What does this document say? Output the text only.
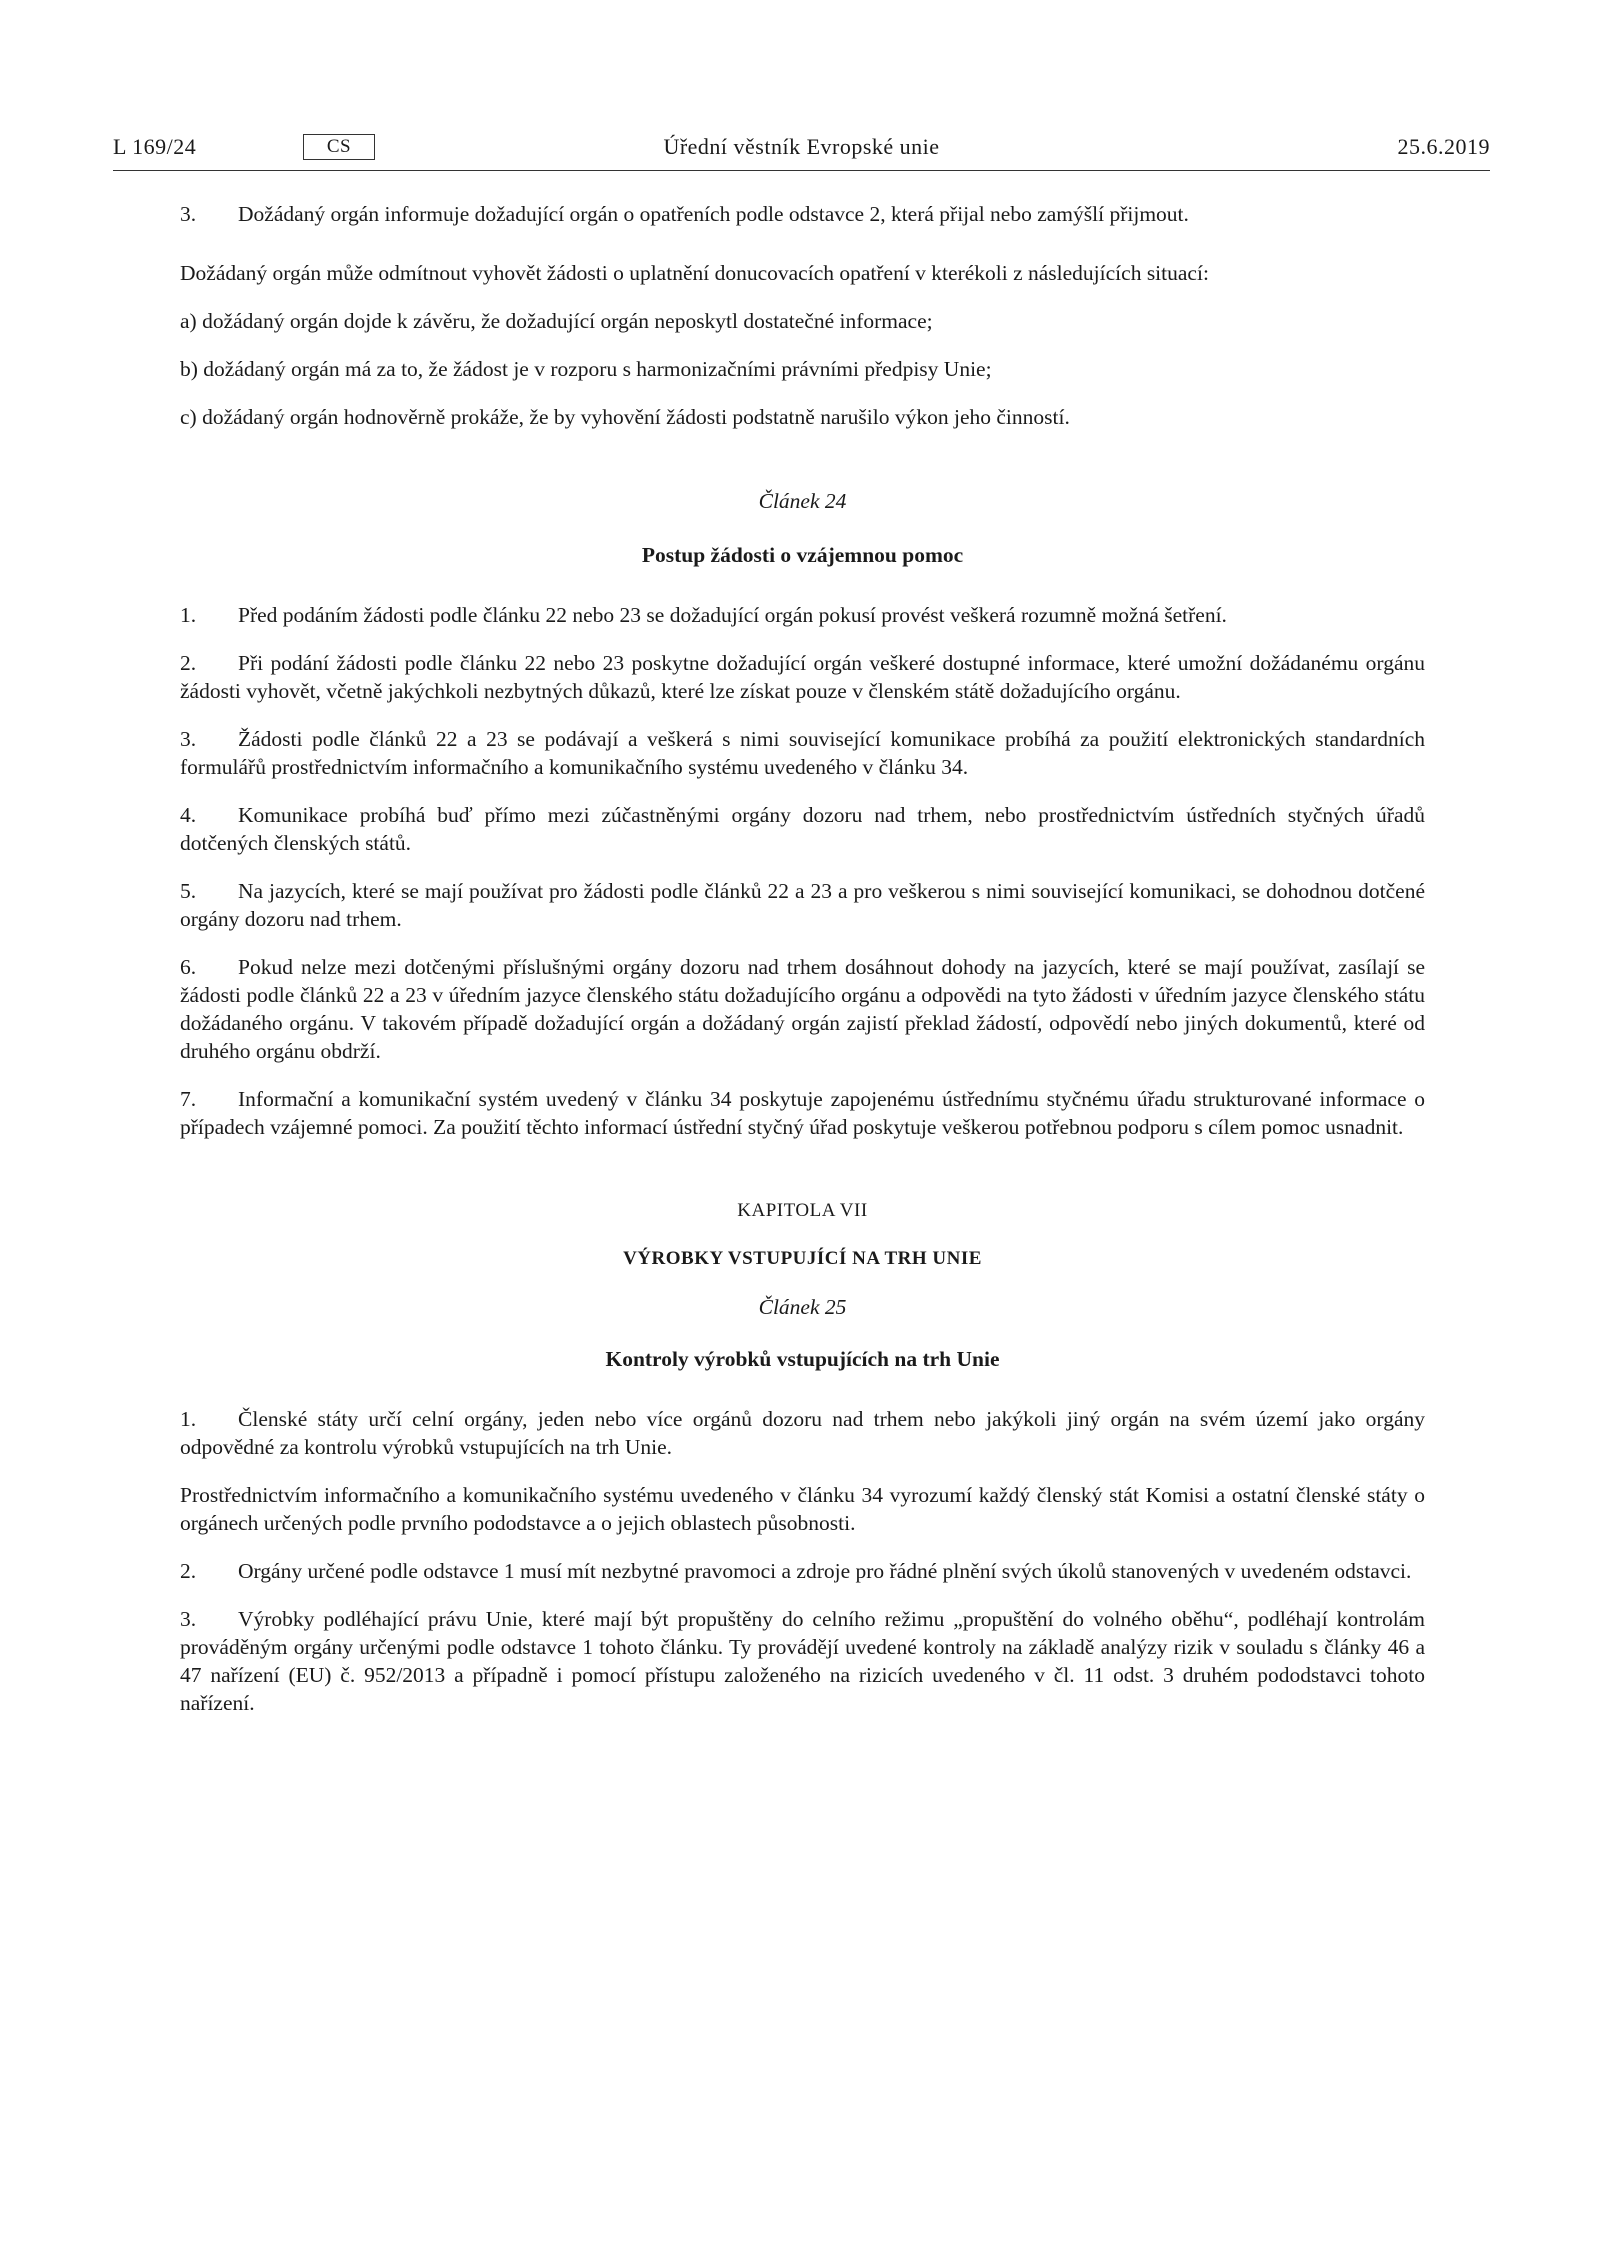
L 169/24	CS	Úřední věstník Evropské unie	25.6.2019

3. Dožádaný orgán informuje dožadující orgán o opatřeních podle odstavce 2, která přijal nebo zamýšlí přijmout.

Dožádaný orgán může odmítnout vyhovět žádosti o uplatnění donucovacích opatření v kterékoli z následujících situací:

a) dožádaný orgán dojde k závěru, že dožadující orgán neposkytl dostatečné informace;

b) dožádaný orgán má za to, že žádost je v rozporu s harmonizačními právními předpisy Unie;

c) dožádaný orgán hodnověrně prokáže, že by vyhovění žádosti podstatně narušilo výkon jeho činností.

Článek 24

Postup žádosti o vzájemnou pomoc

1. Před podáním žádosti podle článku 22 nebo 23 se dožadující orgán pokusí provést veškerá rozumně možná šetření.

2. Při podání žádosti podle článku 22 nebo 23 poskytne dožadující orgán veškeré dostupné informace, které umožní dožádanému orgánu žádosti vyhovět, včetně jakýchkoli nezbytných důkazů, které lze získat pouze v členském státě dožadujícího orgánu.

3. Žádosti podle článků 22 a 23 se podávají a veškerá s nimi související komunikace probíhá za použití elektronických standardních formulářů prostřednictvím informačního a komunikačního systému uvedeného v článku 34.

4. Komunikace probíhá buď přímo mezi zúčastněnými orgány dozoru nad trhem, nebo prostřednictvím ústředních styčných úřadů dotčených členských států.

5. Na jazycích, které se mají používat pro žádosti podle článků 22 a 23 a pro veškerou s nimi související komunikaci, se dohodnou dotčené orgány dozoru nad trhem.

6. Pokud nelze mezi dotčenými příslušnými orgány dozoru nad trhem dosáhnout dohody na jazycích, které se mají používat, zasílají se žádosti podle článků 22 a 23 v úředním jazyce členského státu dožadujícího orgánu a odpovědi na tyto žádosti v úředním jazyce členského státu dožádaného orgánu. V takovém případě dožadující orgán a dožádaný orgán zajistí překlad žádostí, odpovědí nebo jiných dokumentů, které od druhého orgánu obdrží.

7. Informační a komunikační systém uvedený v článku 34 poskytuje zapojenému ústřednímu styčnému úřadu strukturované informace o případech vzájemné pomoci. Za použití těchto informací ústřední styčný úřad poskytuje veškerou potřebnou podporu s cílem pomoc usnadnit.

KAPITOLA VII

VÝROBKY VSTUPUJÍCÍ NA TRH UNIE

Článek 25

Kontroly výrobků vstupujících na trh Unie

1. Členské státy určí celní orgány, jeden nebo více orgánů dozoru nad trhem nebo jakýkoli jiný orgán na svém území jako orgány odpovědné za kontrolu výrobků vstupujících na trh Unie.

Prostřednictvím informačního a komunikačního systému uvedeného v článku 34 vyrozumí každý členský stát Komisi a ostatní členské státy o orgánech určených podle prvního pododstavce a o jejich oblastech působnosti.

2. Orgány určené podle odstavce 1 musí mít nezbytné pravomoci a zdroje pro řádné plnění svých úkolů stanovených v uvedeném odstavci.

3. Výrobky podléhající právu Unie, které mají být propuštěny do celního režimu „propuštění do volného oběhu“, podléhají kontrolám prováděným orgány určenými podle odstavce 1 tohoto článku. Ty provádějí uvedené kontroly na základě analýzy rizik v souladu s články 46 a 47 nařízení (EU) č. 952/2013 a případně i pomocí přístupu založeného na rizicích uvedeného v čl. 11 odst. 3 druhém pododstavci tohoto nařízení.
